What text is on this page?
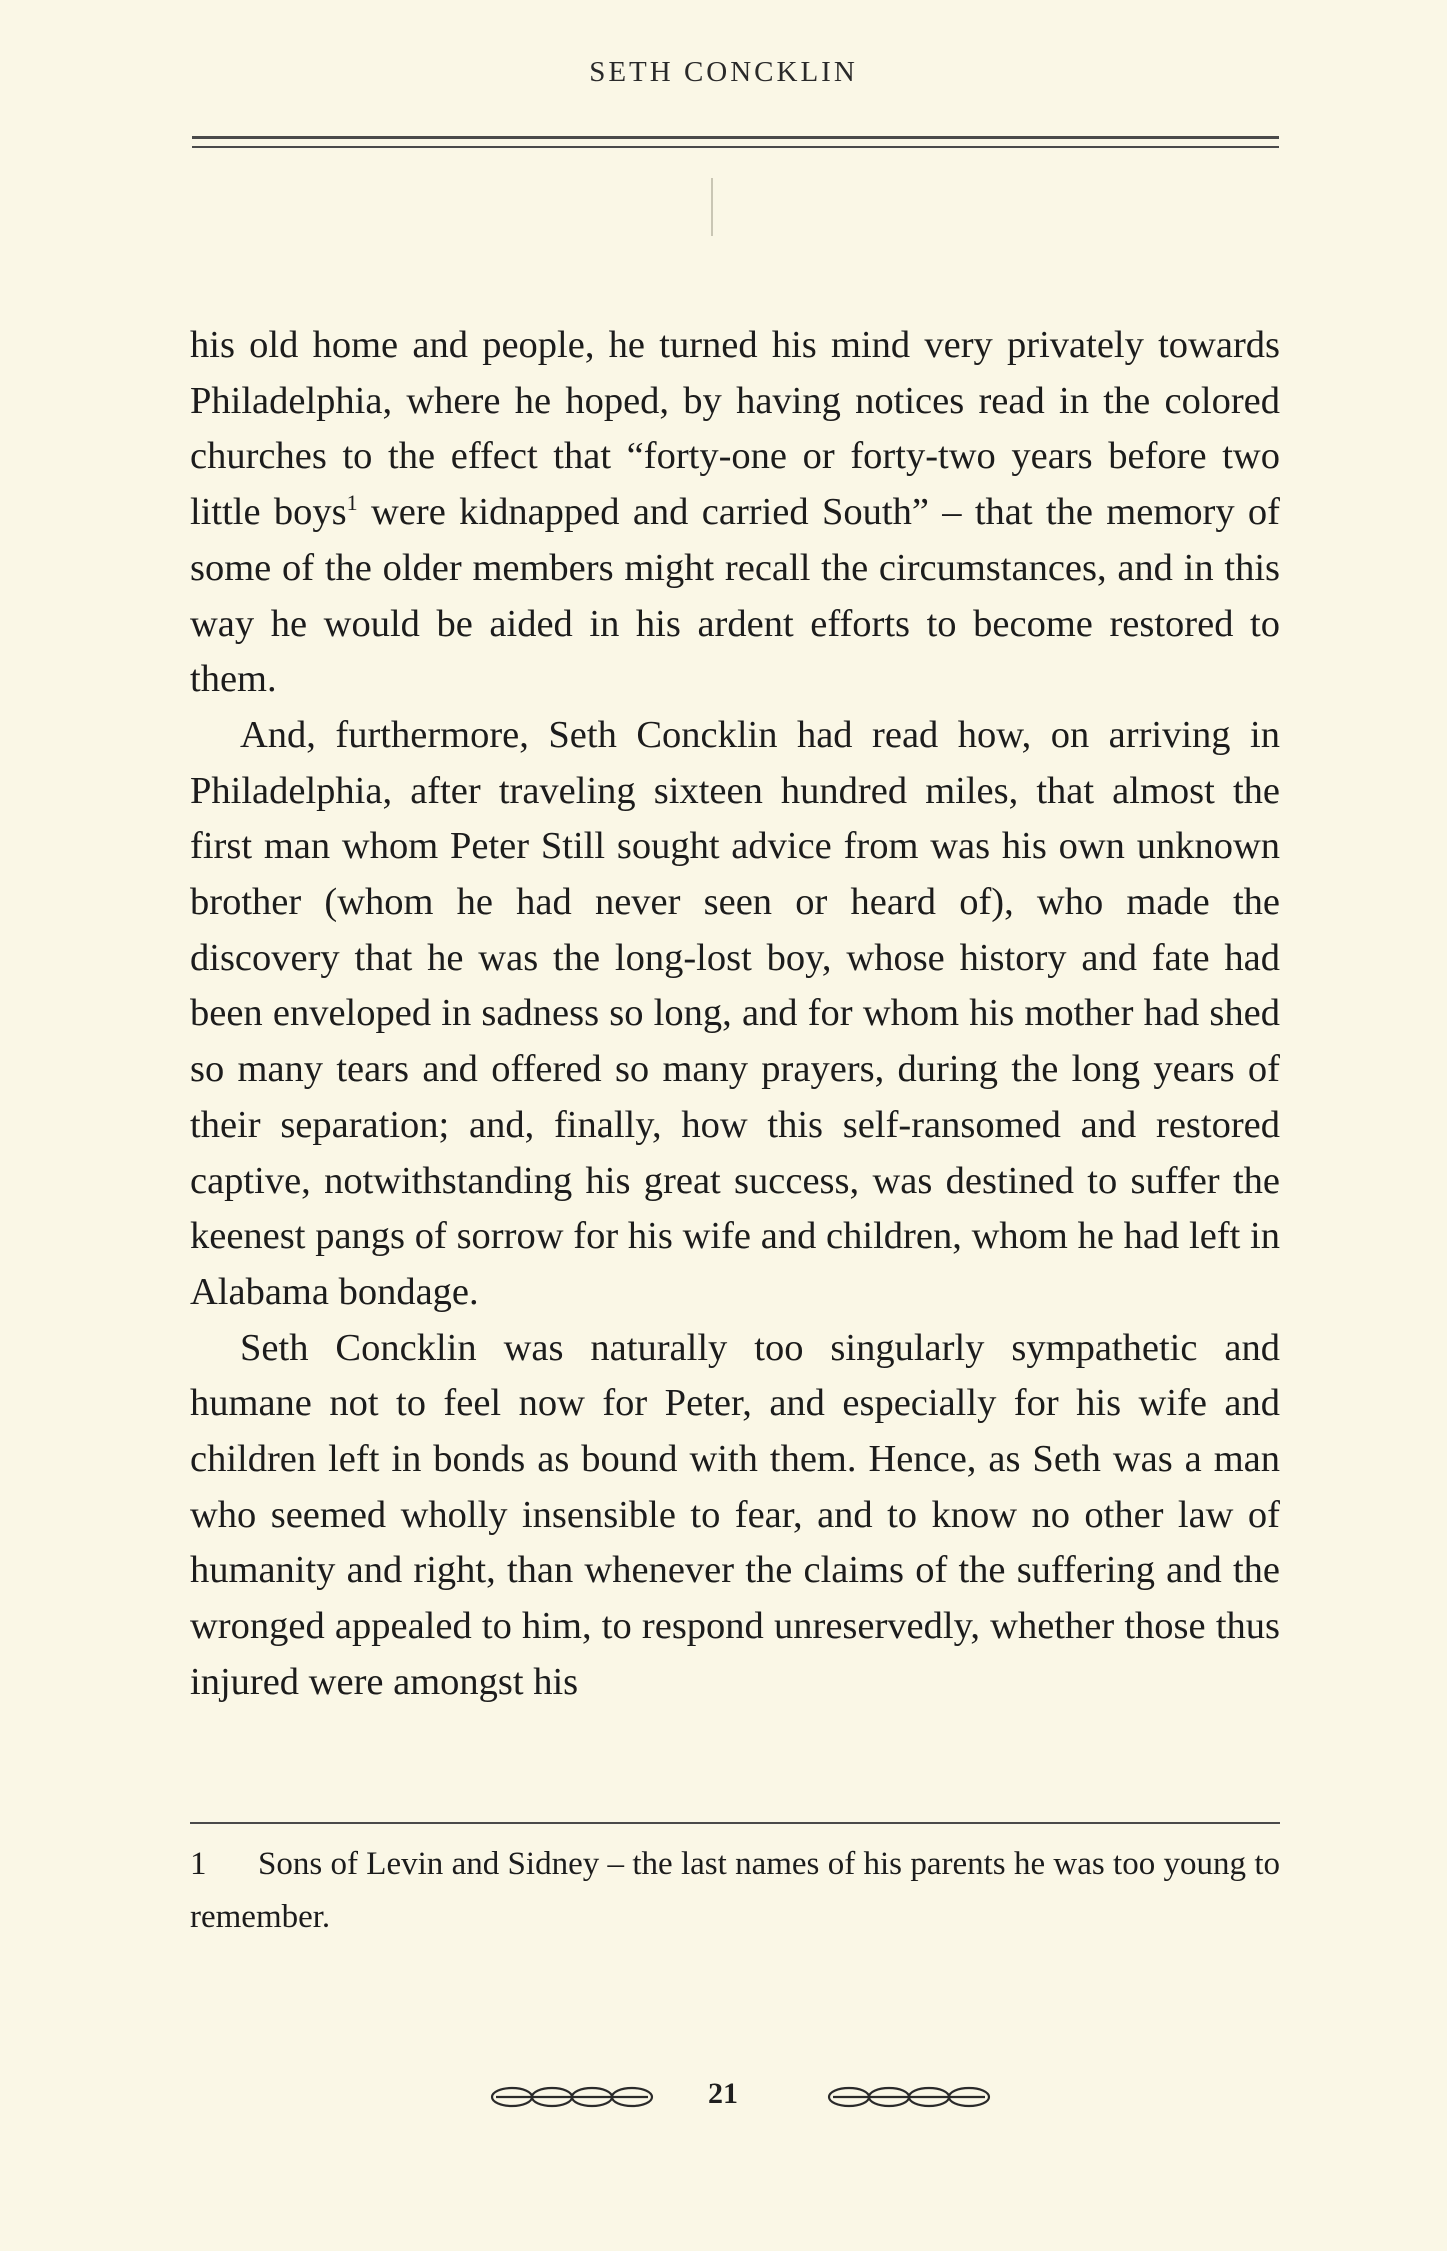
SETH CONCKLIN

his old home and people, he turned his mind very privately towards Philadelphia, where he hoped, by having notices read in the colored churches to the effect that “forty-one or forty-two years before two little boys$^1$ were kidnapped and carried South” – that the memory of some of the older members might recall the circumstances, and in this way he would be aided in his ardent efforts to become restored to them.

And, furthermore, Seth Concklin had read how, on arriving in Philadelphia, after traveling sixteen hundred miles, that almost the first man whom Peter Still sought advice from was his own unknown brother (whom he had never seen or heard of), who made the discovery that he was the long-lost boy, whose history and fate had been enveloped in sadness so long, and for whom his mother had shed so many tears and offered so many prayers, during the long years of their separation; and, finally, how this self-ransomed and restored captive, notwithstanding his great success, was destined to suffer the keenest pangs of sorrow for his wife and children, whom he had left in Alabama bondage.

Seth Concklin was naturally too singularly sympathetic and humane not to feel now for Peter, and especially for his wife and children left in bonds as bound with them. Hence, as Seth was a man who seemed wholly insensible to fear, and to know no other law of humanity and right, than whenever the claims of the suffering and the wronged appealed to him, to respond unreservedly, whether those thus injured were amongst his

1 Sons of Levin and Sidney – the last names of his parents he was too young to remember.
21
